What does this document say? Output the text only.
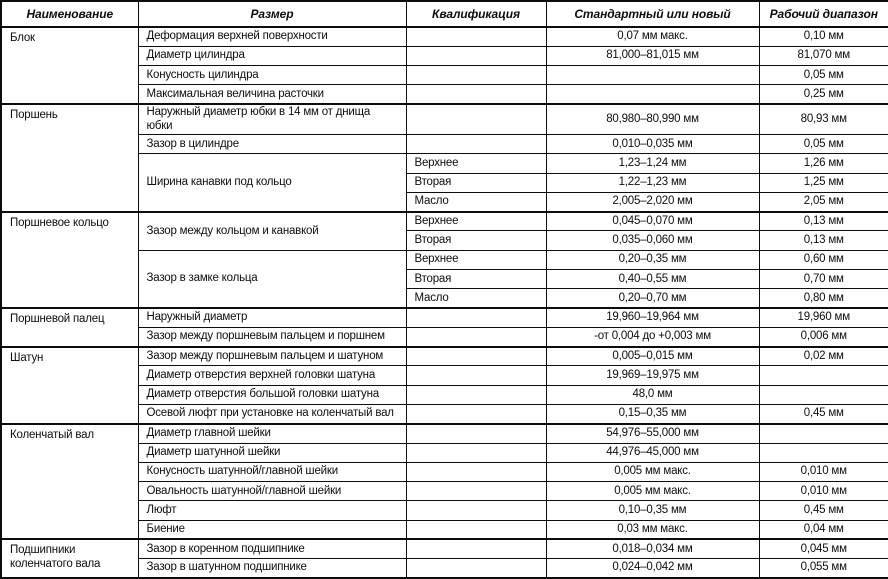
Наименование	Размер	Квалификация	Стандартный или новый	Рабочий диапазон
Блок	Деформация верхней поверхности		0,07 мм макс.	0,10 мм
	Диаметр цилиндра		81,000–81,015 мм	81,070 мм
	Конусность цилиндра			0,05 мм
	Максимальная величина расточки			0,25 мм
Поршень	Наружный диаметр юбки в 14 мм от днища юбки		80,980–80,990 мм	80,93 мм
	Зазор в цилиндре		0,010–0,035 мм	0,05 мм
	Ширина канавки под кольцо	Верхнее	1,23–1,24 мм	1,26 мм
		Вторая	1,22–1,23 мм	1,25 мм
		Масло	2,005–2,020 мм	2,05 мм
Поршневое кольцо	Зазор между кольцом и канавкой	Верхнее	0,045–0,070 мм	0,13 мм
		Вторая	0,035–0,060 мм	0,13 мм
	Зазор в замке кольца	Верхнее	0,20–0,35 мм	0,60 мм
		Вторая	0,40–0,55 мм	0,70 мм
		Масло	0,20–0,70 мм	0,80 мм
Поршневой палец	Наружный диаметр		19,960–19,964 мм	19,960 мм
	Зазор между поршневым пальцем и поршнем		-от 0,004 до +0,003 мм	0,006 мм
Шатун	Зазор между поршневым пальцем и шатуном		0,005–0,015 мм	0,02 мм
	Диаметр отверстия верхней головки шатуна		19,969–19,975 мм	
	Диаметр отверстия большой головки шатуна		48,0 мм	
	Осевой люфт при установке на коленчатый вал		0,15–0,35 мм	0,45 мм
Коленчатый вал	Диаметр главной шейки		54,976–55,000 мм	
	Диаметр шатунной шейки		44,976–45,000 мм	
	Конусность шатунной/главной шейки		0,005 мм макс.	0,010 мм
	Овальность шатунной/главной шейки		0,005 мм макс.	0,010 мм
	Люфт		0,10–0,35 мм	0,45 мм
	Биение		0,03 мм макс.	0,04 мм
Подшипники коленчатого вала	Зазор в коренном подшипнике		0,018–0,034 мм	0,045 мм
	Зазор в шатунном подшипнике		0,024–0,042 мм	0,055 мм
